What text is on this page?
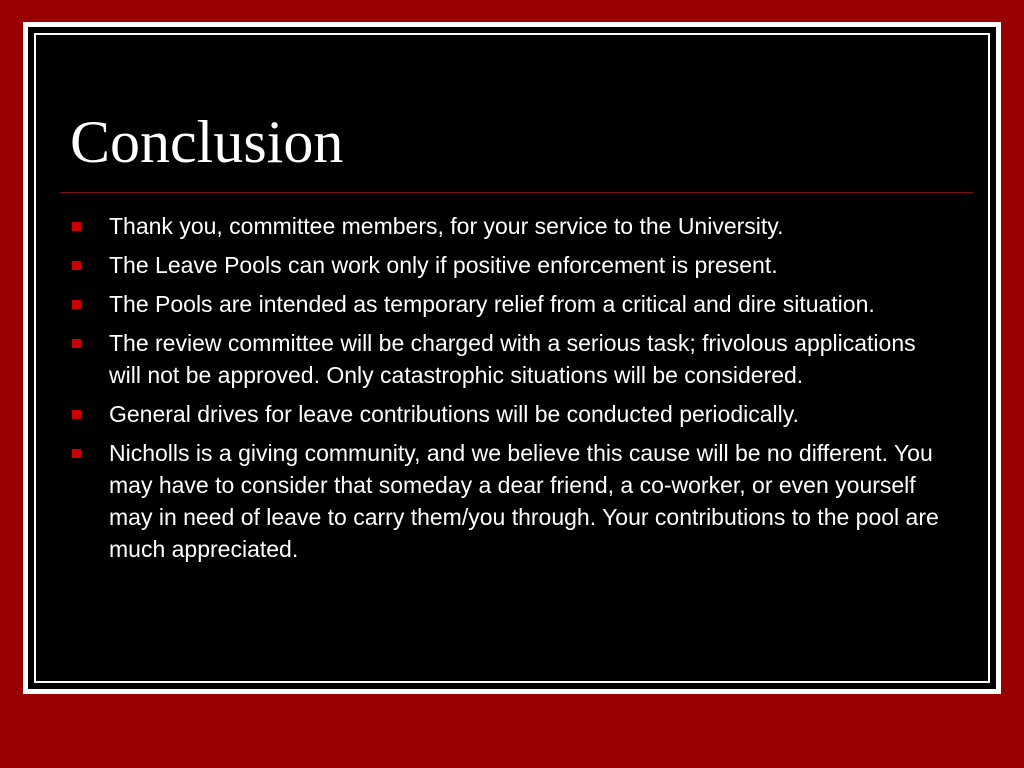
Conclusion
Thank you, committee members, for your service to the University.
The Leave Pools can work only if positive enforcement is present.
The Pools are intended as temporary relief from a critical and dire situation.
The review committee will be charged with a serious task; frivolous applications will not be approved. Only catastrophic situations will be considered.
General drives for leave contributions will be conducted periodically.
Nicholls is a giving community, and we believe this cause will be no different. You may have to consider that someday a dear friend, a co-worker, or even yourself may in need of leave to carry them/you through. Your contributions to the pool are much appreciated.
